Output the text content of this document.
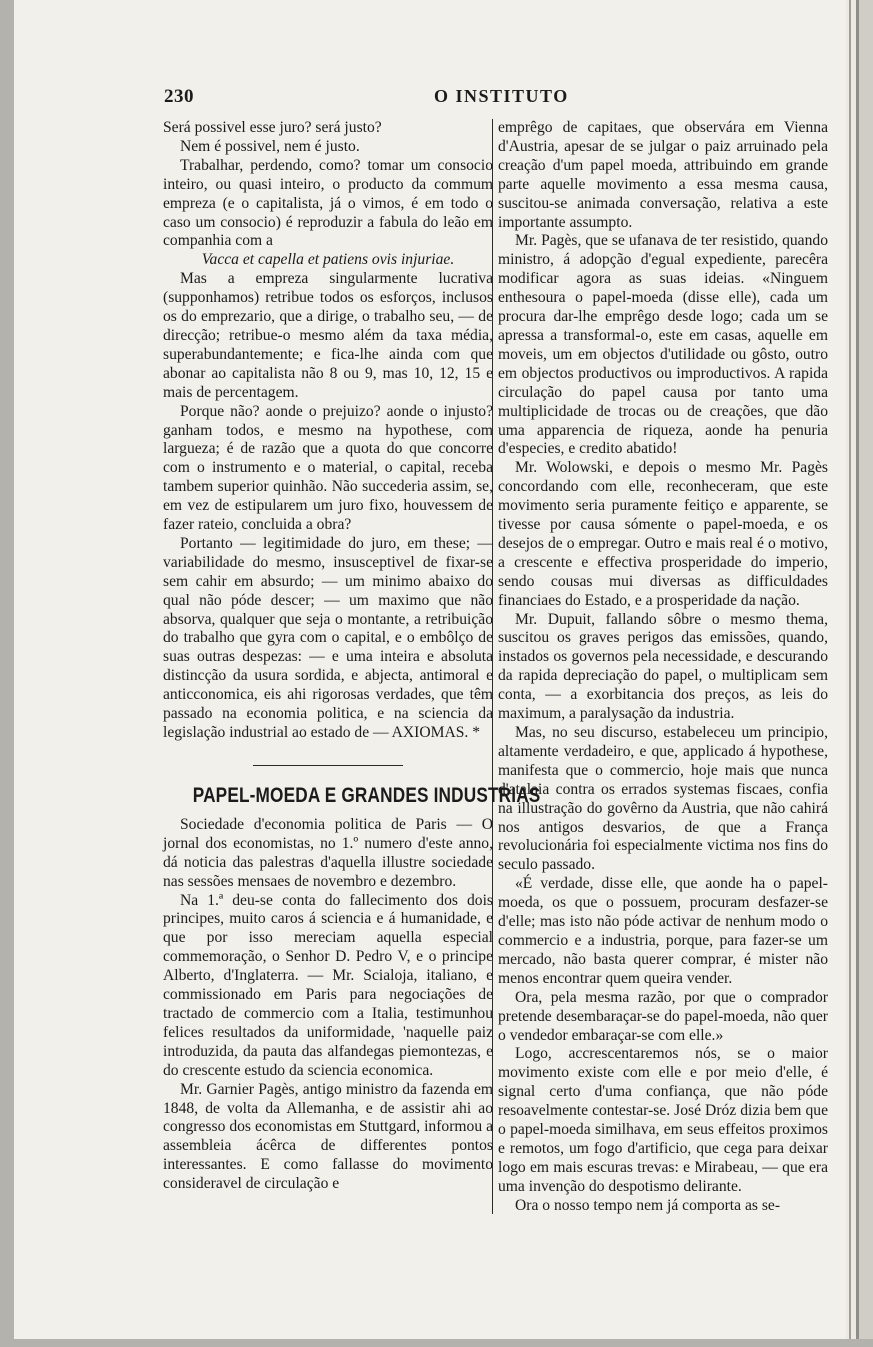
230	O INSTITUTO

Será possivel esse juro? será justo?

Nem é possivel, nem é justo.

Trabalhar, perdendo, como? tomar um consocio inteiro, ou quasi inteiro, o producto da commum empreza (e o capitalista, já o vimos, é em todo o caso um consocio) é reproduzir a fabula do leão em companhia com a

Vacca et capella et patiens ovis injuriae.

Mas a empreza singularmente lucrativa (supponhamos) retribue todos os esforços, inclusos os do emprezario, que a dirige, o trabalho seu, — de direcção; retribue-o mesmo além da taxa média, superabundantemente; e fica-lhe ainda com que abonar ao capitalista não 8 ou 9, mas 10, 12, 15 e mais de percentagem.

Porque não? aonde o prejuizo? aonde o injusto? ganham todos, e mesmo na hypothese, com largueza; é de razão que a quota do que concorre com o instrumento e o material, o capital, receba tambem superior quinhão. Não succederia assim, se, em vez de estipularem um juro fixo, houvessem de fazer rateio, concluida a obra?

Portanto — legitimidade do juro, em these; — variabilidade do mesmo, insusceptivel de fixar-se sem cahir em absurdo; — um minimo abaixo do qual não póde descer; — um maximo que não absorva, qualquer que seja o montante, a retribuição do trabalho que gyra com o capital, e o embôlço de suas outras despezas: — e uma inteira e absoluta distincção da usura sordida, e abjecta, antimoral e anticconomica, eis ahi rigorosas verdades, que têm passado na economia politica, e na sciencia da legislação industrial ao estado de — AXIOMAS. *

PAPEL-MOEDA E GRANDES INDUSTRIAS

Sociedade d'economia politica de Paris — O jornal dos economistas, no 1.º numero d'este anno, dá noticia das palestras d'aquella illustre sociedade nas sessões mensaes de novembro e dezembro.

Na 1.ª deu-se conta do fallecimento dos dois principes, muito caros á sciencia e á humanidade, e que por isso mereciam aquella especial commemoração, o Senhor D. Pedro V, e o principe Alberto, d'Inglaterra. — Mr. Scialoja, italiano, e commissionado em Paris para negociações de tractado de commercio com a Italia, testimunhou felices resultados da uniformidade, 'naquelle paiz introduzida, da pauta das alfandegas piemontezas, e do crescente estudo da sciencia economica.

Mr. Garnier Pagès, antigo ministro da fazenda em 1848, de volta da Allemanha, e de assistir ahi ao congresso dos economistas em Stuttgard, informou a assembleia ácêrca de differentes pontos interessantes. E como fallasse do movimento consideravel de circulação e

emprêgo de capitaes, que observára em Vienna d'Austria, apesar de se julgar o paiz arruinado pela creação d'um papel moeda, attribuindo em grande parte aquelle movimento a essa mesma causa, suscitou-se animada conversação, relativa a este importante assumpto.

Mr. Pagès, que se ufanava de ter resistido, quando ministro, á adopção d'egual expediente, parecêra modificar agora as suas ideias. «Ninguem enthesoura o papel-moeda (disse elle), cada um procura dar-lhe emprêgo desde logo; cada um se apressa a transformal-o, este em casas, aquelle em moveis, um em objectos d'utilidade ou gôsto, outro em objectos productivos ou improductivos. A rapida circulação do papel causa por tanto uma multiplicidade de trocas ou de creações, que dão uma apparencia de riqueza, aonde ha penuria d'especies, e credito abatido!

Mr. Wolowski, e depois o mesmo Mr. Pagès concordando com elle, reconheceram, que este movimento seria puramente feitiço e apparente, se tivesse por causa sómente o papel-moeda, e os desejos de o empregar. Outro e mais real é o motivo, a crescente e effectiva prosperidade do imperio, sendo cousas mui diversas as difficuldades financiaes do Estado, e a prosperidade da nação.

Mr. Dupuit, fallando sôbre o mesmo thema, suscitou os graves perigos das emissões, quando, instados os governos pela necessidade, e descurando da rapida depreciação do papel, o multiplicam sem conta, — a exorbitancia dos preços, as leis do maximum, a paralysação da industria.

Mas, no seu discurso, estabeleceu um principio, altamente verdadeiro, e que, applicado á hypothese, manifesta que o commercio, hoje mais que nunca d'atalaia contra os errados systemas fiscaes, confia na illustração do govêrno da Austria, que não cahirá nos antigos desvarios, de que a França revolucionária foi especialmente victima nos fins do seculo passado.

«É verdade, disse elle, que aonde ha o papel-moeda, os que o possuem, procuram desfazer-se d'elle; mas isto não póde activar de nenhum modo o commercio e a industria, porque, para fazer-se um mercado, não basta querer comprar, é mister não menos encontrar quem queira vender.

Ora, pela mesma razão, por que o comprador pretende desembaraçar-se do papel-moeda, não quer o vendedor embaraçar-se com elle.»

Logo, accrescentaremos nós, se o maior movimento existe com elle e por meio d'elle, é signal certo d'uma confiança, que não póde resoavelmente contestar-se. José Dróz dizia bem que o papel-moeda similhava, em seus effeitos proximos e remotos, um fogo d'artificio, que cega para deixar logo em mais escuras trevas: e Mirabeau, — que era uma invenção do despotismo delirante.

Ora o nosso tempo nem já comporta as se-
